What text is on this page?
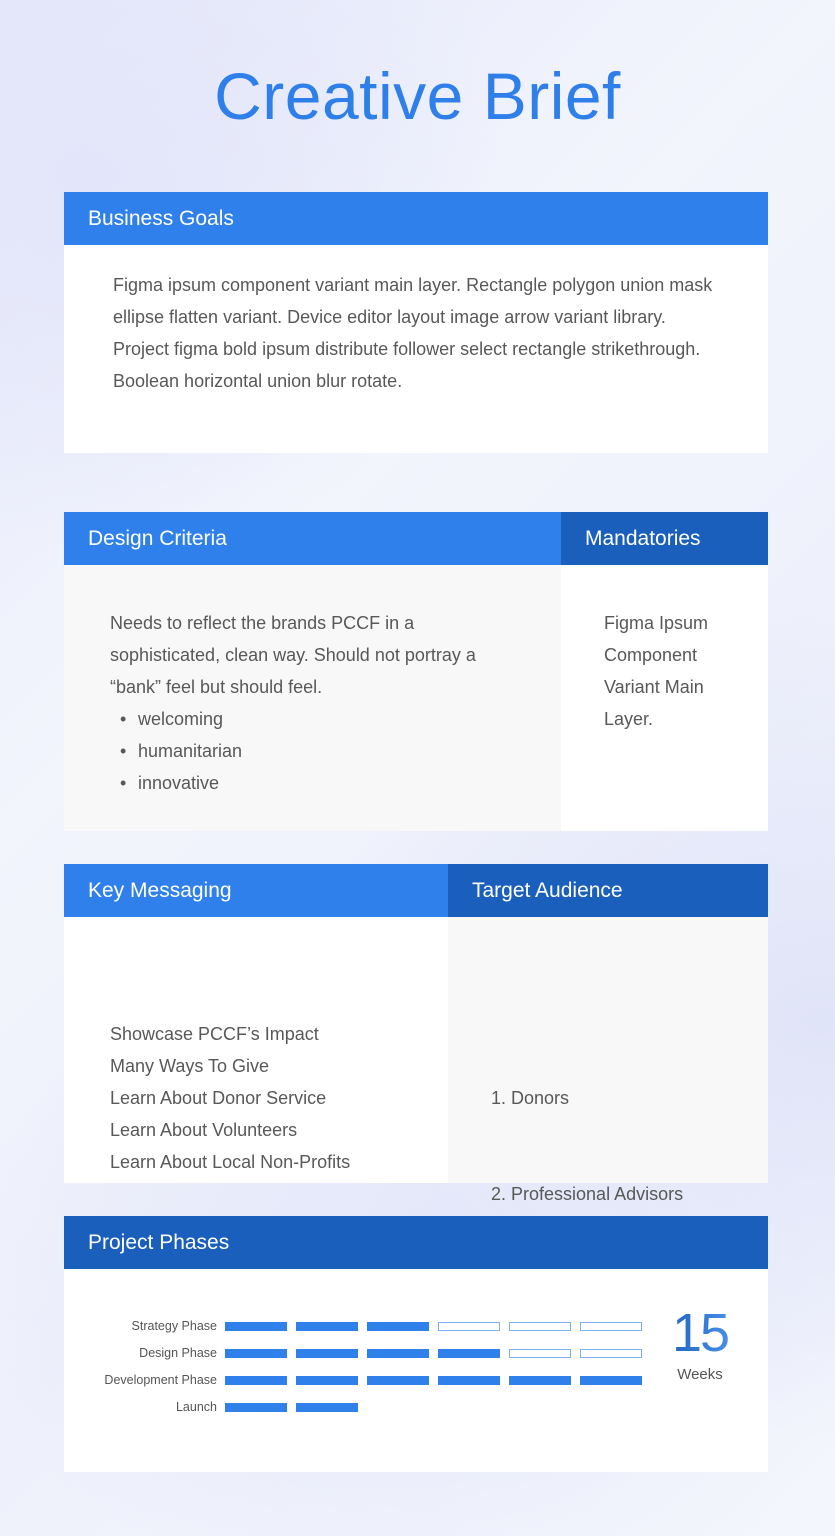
Creative Brief
Business Goals

Figma ipsum component variant main layer. Rectangle polygon union mask ellipse flatten variant. Device editor layout image arrow variant library. Project figma bold ipsum distribute follower select rectangle strikethrough. Boolean horizontal union blur rotate.

Design Criteria
Needs to reflect the brands PCCF in a sophisticated, clean way. Should not portray a “bank” feel but should feel.
• welcoming
• humanitarian
• innovative
Mandatories
Figma Ipsum Component Variant Main Layer.
Key Messaging
Showcase PCCF’s Impact
Many Ways To Give
Learn About Donor Service
Learn About Volunteers
Learn About Local Non-Profits
Target Audience

1. Donors

2. Professional Advisors

Project Phases
Strategy Phase
Design Phase
Development Phase
Launch
15
Weeks
